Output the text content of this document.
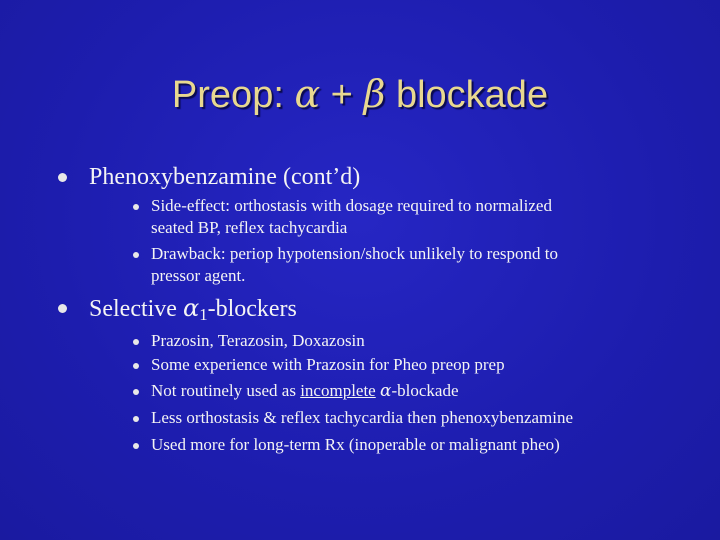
Preop: α + β blockade
Phenoxybenzamine (cont’d)
Side-effect: orthostasis with dosage required to normalized
seated BP, reflex tachycardia
Drawback: periop hypotension/shock unlikely to respond to
pressor agent.
Selective $\alpha_1$-blockers
Prazosin, Terazosin, Doxazosin
Some experience with Prazosin for Pheo preop prep
Not routinely used as incomplete α-blockade
Less orthostasis & reflex tachycardia then phenoxybenzamine
Used more for long-term Rx (inoperable or malignant pheo)
